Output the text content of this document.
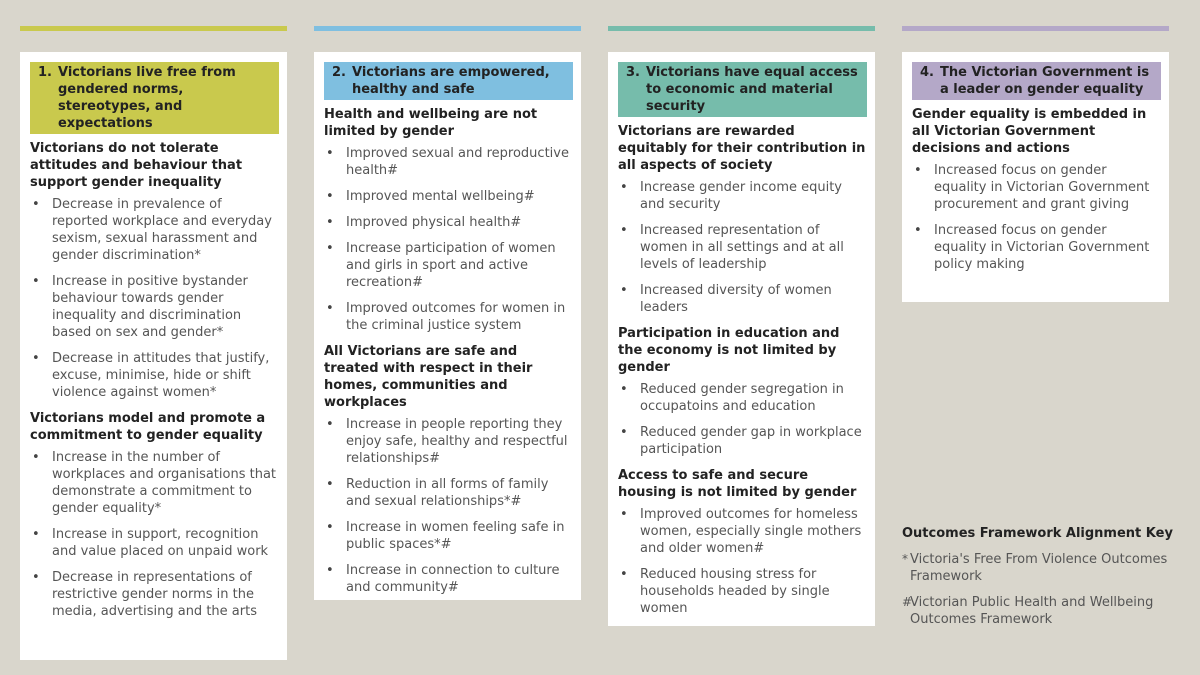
1. Victorians live free from gendered norms, stereotypes, and expectations
Victorians do not tolerate attitudes and behaviour that support gender inequality
• Decrease in prevalence of reported workplace and everyday sexism, sexual harassment and gender discrimination*
• Increase in positive bystander behaviour towards gender inequality and discrimination based on sex and gender*
• Decrease in attitudes that justify, excuse, minimise, hide or shift violence against women*
Victorians model and promote a commitment to gender equality
• Increase in the number of workplaces and organisations that demonstrate a commitment to gender equality*
• Increase in support, recognition and value placed on unpaid work
• Decrease in representations of restrictive gender norms in the media, advertising and the arts
2. Victorians are empowered, healthy and safe
Health and wellbeing are not limited by gender
• Improved sexual and reproductive health#
• Improved mental wellbeing#
• Improved physical health#
• Increase participation of women and girls in sport and active recreation#
• Improved outcomes for women in the criminal justice system
All Victorians are safe and treated with respect in their homes, communities and workplaces
• Increase in people reporting they enjoy safe, healthy and respectful relationships#
• Reduction in all forms of family and sexual relationships*#
• Increase in women feeling safe in public spaces*#
• Increase in connection to culture and community#
3. Victorians have equal access to economic and material security
Victorians are rewarded equitably for their contribution in all aspects of society
• Increase gender income equity and security
• Increased representation of women in all settings and at all levels of leadership
• Increased diversity of women leaders
Participation in education and the economy is not limited by gender
• Reduced gender segregation in occupatoins and education
• Reduced gender gap in workplace participation
Access to safe and secure housing is not limited by gender
• Improved outcomes for homeless women, especially single mothers and older women#
• Reduced housing stress for households headed by single women
4. The Victorian Government is a leader on gender equality
Gender equality is embedded in all Victorian Government decisions and actions
• Increased focus on gender equality in Victorian Government procurement and grant giving
• Increased focus on gender equality in Victorian Government policy making
Outcomes Framework Alignment Key
* Victoria's Free From Violence Outcomes Framework
#
Victorian Public Health and Wellbeing Outcomes Framework
